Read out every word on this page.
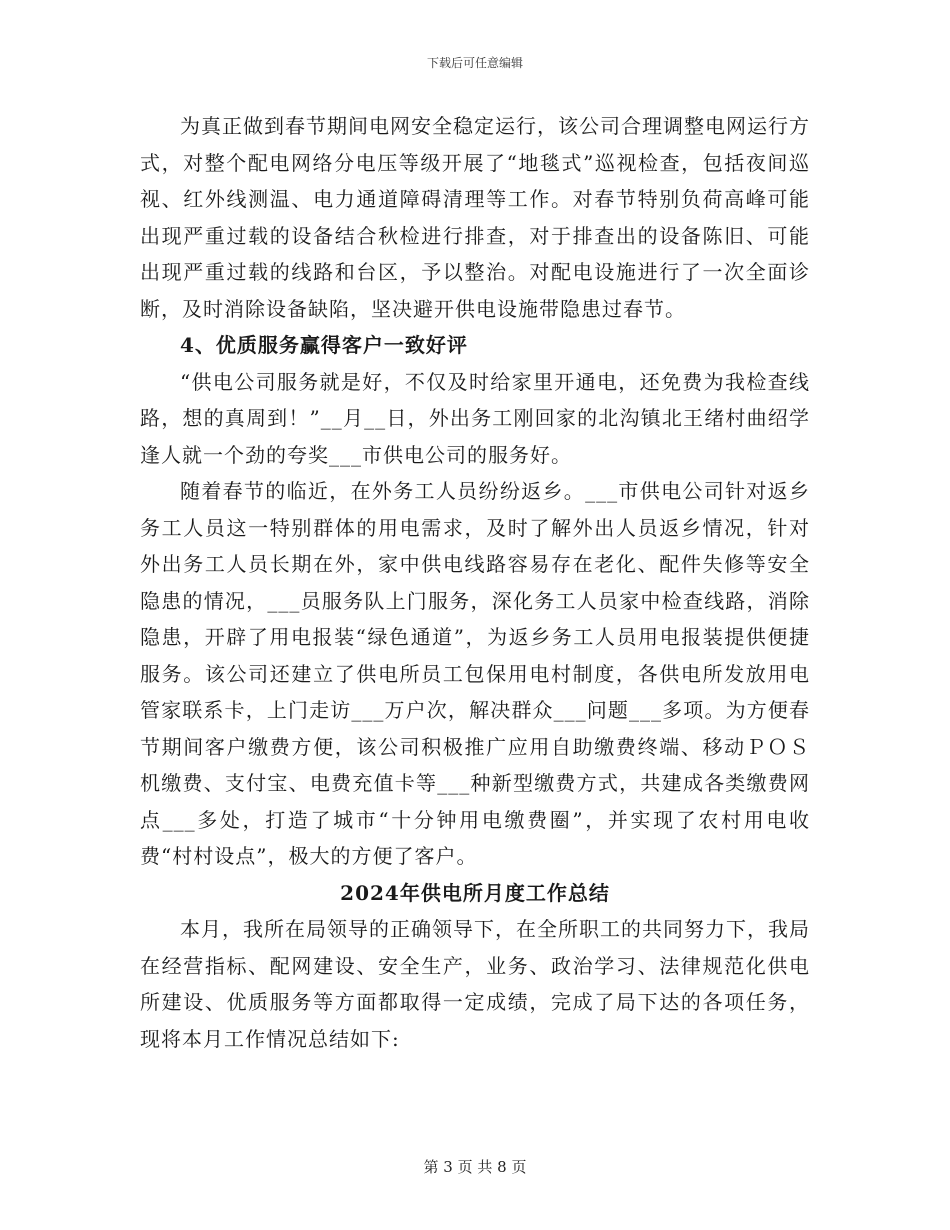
下载后可任意编辑

为真正做到春节期间电网安全稳定运行，该公司合理调整电网运行方式，对整个配电网络分电压等级开展了“地毯式”巡视检查，包括夜间巡视、红外线测温、电力通道障碍清理等工作。对春节特别负荷高峰可能出现严重过载的设备结合秋检进行排查，对于排查出的设备陈旧、可能出现严重过载的线路和台区，予以整治。对配电设施进行了一次全面诊断，及时消除设备缺陷，坚决避开供电设施带隐患过春节。

4、优质服务赢得客户一致好评

“供电公司服务就是好，不仅及时给家里开通电，还免费为我检查线路，想的真周到！”__月__日，外出务工刚回家的北沟镇北王绪村曲绍学逢人就一个劲的夸奖___市供电公司的服务好。

随着春节的临近，在外务工人员纷纷返乡。___市供电公司针对返乡务工人员这一特别群体的用电需求，及时了解外出人员返乡情况，针对外出务工人员长期在外，家中供电线路容易存在老化、配件失修等安全隐患的情况，___员服务队上门服务，深化务工人员家中检查线路，消除隐患，开辟了用电报装“绿色通道”，为返乡务工人员用电报装提供便捷服务。该公司还建立了供电所员工包保用电村制度，各供电所发放用电管家联系卡，上门走访___万户次，解决群众___问题___多项。为方便春节期间客户缴费方便，该公司积极推广应用自助缴费终端、移动ＰＯＳ机缴费、支付宝、电费充值卡等___种新型缴费方式，共建成各类缴费网点___多处，打造了城市“十分钟用电缴费圈”，并实现了农村用电收费“村村设点”，极大的方便了客户。

2024年供电所月度工作总结

本月，我所在局领导的正确领导下，在全所职工的共同努力下，我局在经营指标、配网建设、安全生产，业务、政治学习、法律规范化供电所建设、优质服务等方面都取得一定成绩，完成了局下达的各项任务，现将本月工作情况总结如下:

第 3 页 共 8 页
